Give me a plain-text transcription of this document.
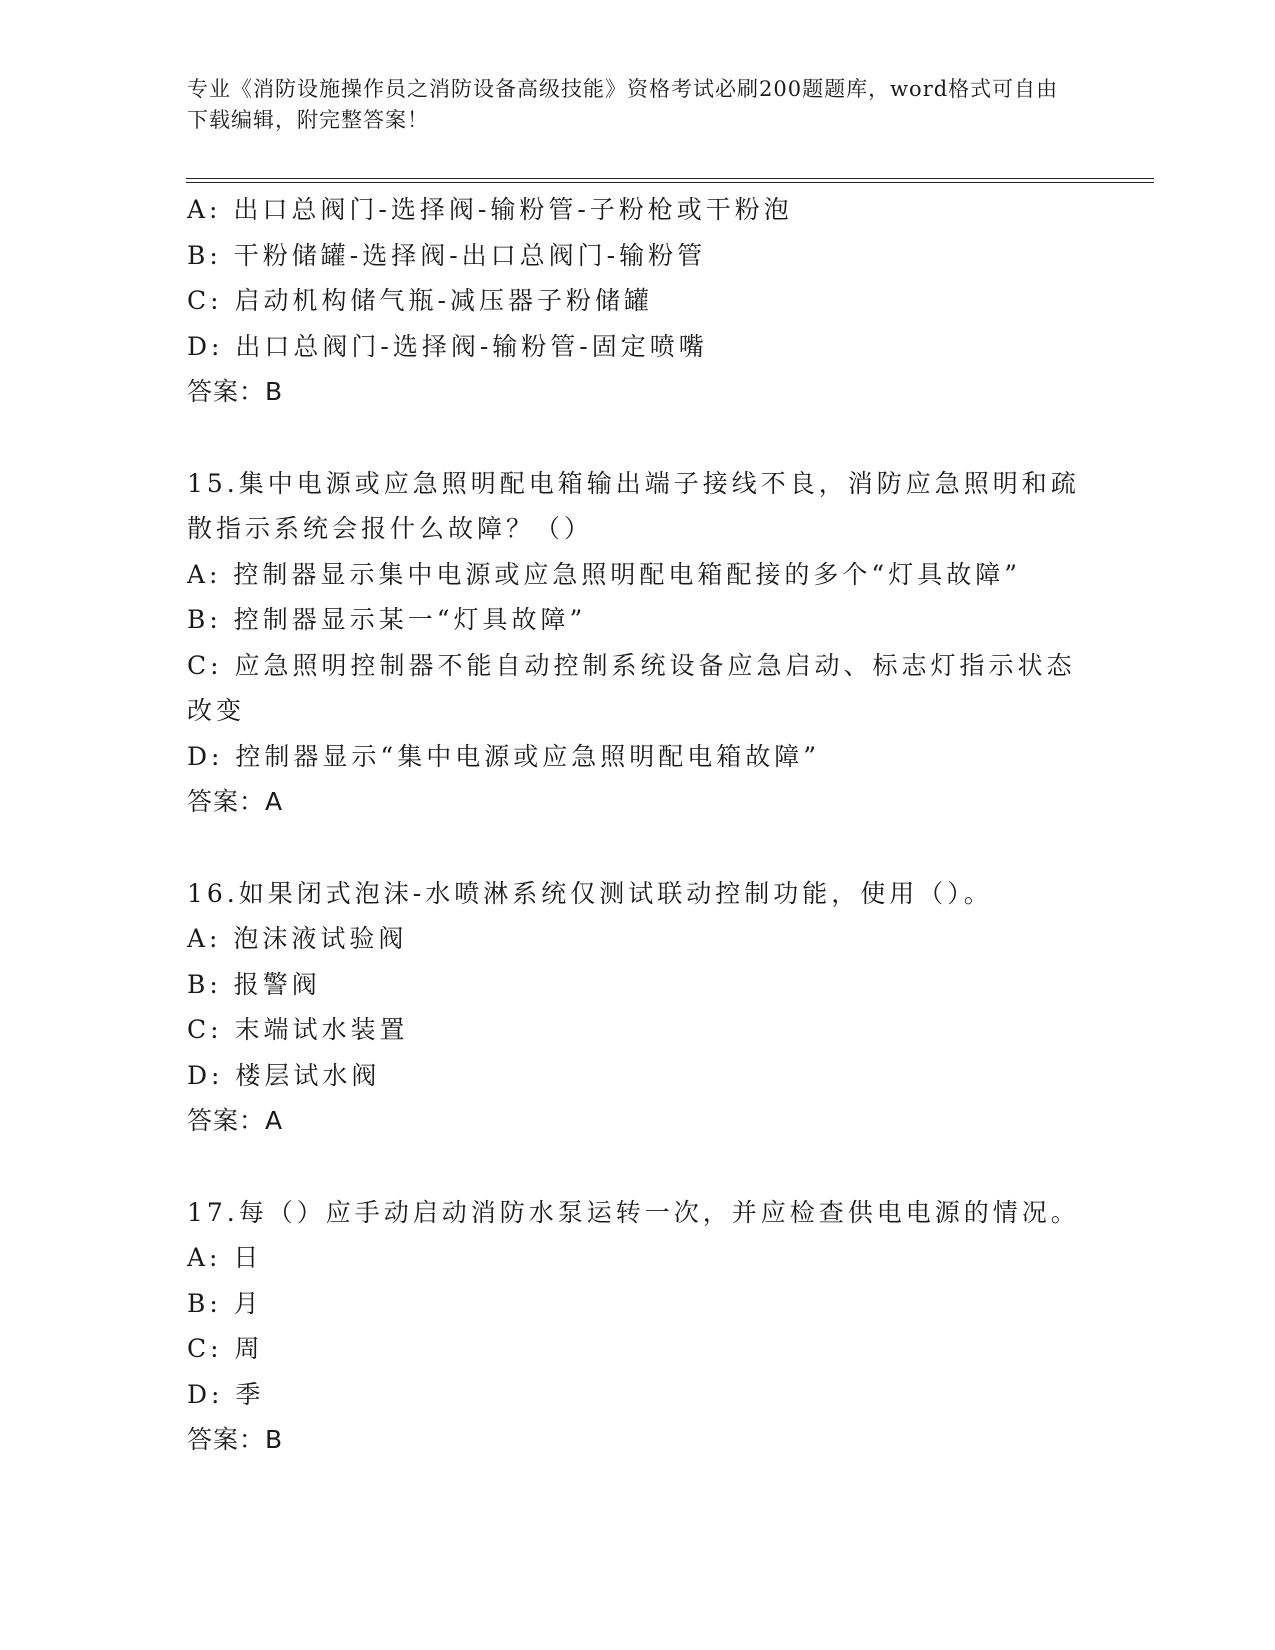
专业《消防设施操作员之消防设备高级技能》资格考试必刷200题题库，word格式可自由下载编辑，附完整答案！
A: 出口总阀门-选择阀-输粉管-子粉枪或干粉泡
B: 干粉储罐-选择阀-出口总阀门-输粉管
C: 启动机构储气瓶-减压器子粉储罐
D: 出口总阀门-选择阀-输粉管-固定喷嘴
答案：B
15.集中电源或应急照明配电箱输出端子接线不良，消防应急照明和疏
散指示系统会报什么故障？（）
A: 控制器显示集中电源或应急照明配电箱配接的多个“灯具故障”
B: 控制器显示某一“灯具故障”
C: 应急照明控制器不能自动控制系统设备应急启动、标志灯指示状态
改变
D: 控制器显示“集中电源或应急照明配电箱故障”
答案：A
16.如果闭式泡沫-水喷淋系统仅测试联动控制功能，使用（）。
A: 泡沫液试验阀
B: 报警阀
C: 末端试水装置
D: 楼层试水阀
答案：A
17.每（）应手动启动消防水泵运转一次，并应检查供电电源的情况。
A: 日
B: 月
C: 周
D: 季
答案：B
